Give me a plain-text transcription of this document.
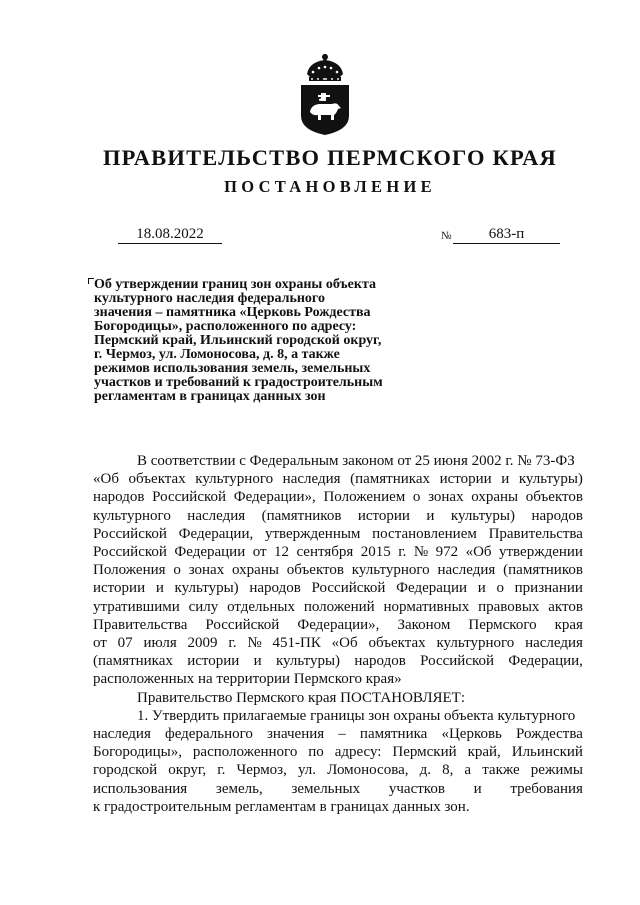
ПРАВИТЕЛЬСТВО ПЕРМСКОГО КРАЯ
ПОСТАНОВЛЕНИЕ
18.08.2022	№	683-п
Об утверждении границ зон охраны объекта
культурного наследия федерального
значения – памятника «Церковь Рождества
Богородицы», расположенного по адресу:
Пермский край, Ильинский городской округ,
г. Чермоз, ул. Ломоносова, д. 8, а также
режимов использования земель, земельных
участков и требований к градостроительным
регламентам в границах данных зон
В соответствии с Федеральным законом от 25 июня 2002 г. № 73-ФЗ
«Об объектах культурного наследия (памятниках истории и культуры)
народов Российской Федерации», Положением о зонах охраны объектов
культурного наследия (памятников истории и культуры) народов
Российской Федерации, утвержденным постановлением Правительства
Российской Федерации от 12 сентября 2015 г. № 972 «Об утверждении
Положения о зонах охраны объектов культурного наследия (памятников
истории и культуры) народов Российской Федерации и о признании
утратившими силу отдельных положений нормативных правовых актов
Правительства Российской Федерации», Законом Пермского края
от 07 июля 2009 г. № 451-ПК «Об объектах культурного наследия
(памятниках истории и культуры) народов Российской Федерации,
расположенных на территории Пермского края»
Правительство Пермского края ПОСТАНОВЛЯЕТ:
1. Утвердить прилагаемые границы зон охраны объекта культурного
наследия федерального значения – памятника «Церковь Рождества
Богородицы», расположенного по адресу: Пермский край, Ильинский
городской округ, г. Чермоз, ул. Ломоносова, д. 8, а также режимы
использования земель, земельных участков и требования
к градостроительным регламентам в границах данных зон.
